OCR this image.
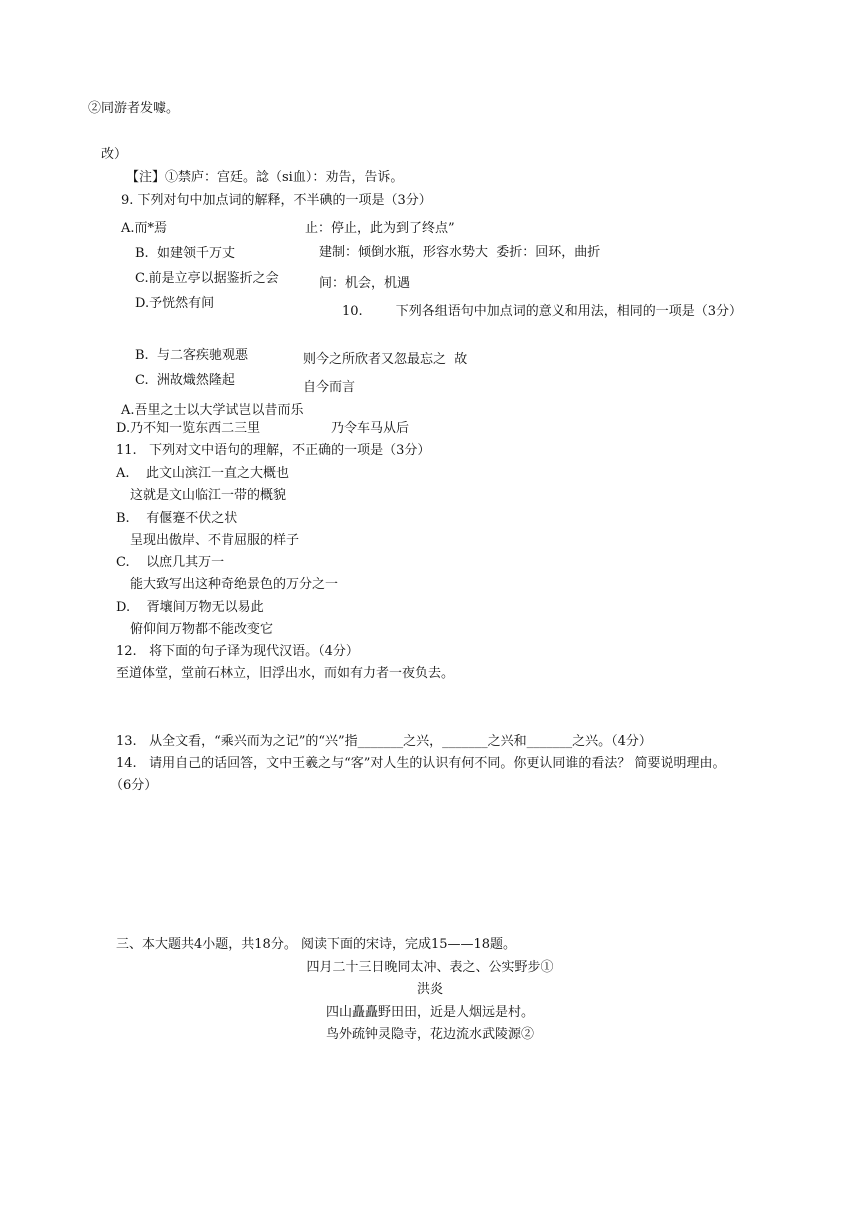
②同游者发噱。
改）
【注】①禁庐：宫廷。諗（si血）：劝告，告诉。
9. 下列对句中加点词的解释，不半碘的一项是（3分）
A.而*焉	止：停止，此为到了终点”
B.  如建领千万丈	建制：倾倒水瓶，形容水势大  委折：回环，曲折
C.前是立亭以据鉴折之会	间：机会，机遇
D.予恍然有间
10.        下列各组语句中加点词的意义和用法，相同的一项是（3分）
B.  与二客疾驰观悪	则今之所欣者又忽最忘之  故
C.  洲故熾然隆起	自今而言
A.吾里之士以大学试岂以昔而乐
D.乃不知一览东西二三里	乃令车马从后
11.   下列对文中语句的理解，不正确的一项是（3分）
A.    此文山滨江一直之大概也
这就是文山临江一带的概貌
B.    有偃蹇不伏之状
呈现出傲岸、不肯屈服的样子
C.    以庶几其万一
能大致写出这种奇绝景色的万分之一
D.    胥壤间万物无以易此
俯仰间万物都不能改变它
12.   将下面的句子译为现代汉语。（4分）
至道体堂，堂前石林立，旧浮出水，而如有力者一夜负去。
13.   从全文看，“乘兴而为之记”的“兴”指_______之兴，_______之兴和_______之兴。（4分）
14.   请用自己的话回答，文中王羲之与“客”对人生的认识有何不同。你更认同谁的看法？ 简要说明理由。
（6分）
三、本大题共4小题，共18分。 阅读下面的宋诗，完成15——18题。
四月二十三日晚同太冲、表之、公实野步①
洪炎
四山矗矗野田田，近是人烟远是村。
鸟外疏钟灵隐寺，花边流水武陵源②
